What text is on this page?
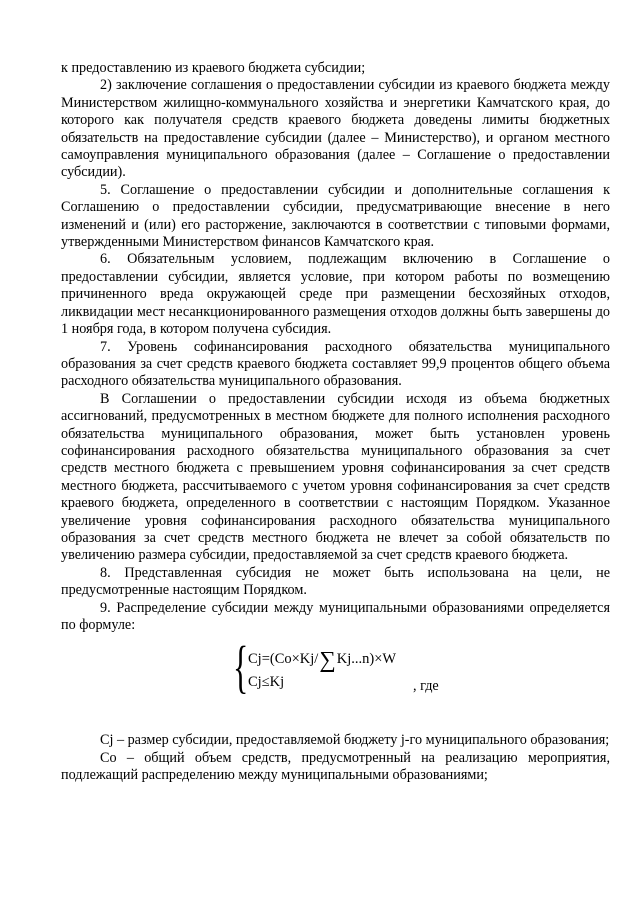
к предоставлению из краевого бюджета субсидии;

2) заключение соглашения о предоставлении субсидии из краевого бюджета между Министерством жилищно-коммунального хозяйства и энергетики Камчатского края, до которого как получателя средств краевого бюджета доведены лимиты бюджетных обязательств на предоставление субсидии (далее – Министерство), и органом местного самоуправления муниципального образования (далее – Соглашение о предоставлении субсидии).

5. Соглашение о предоставлении субсидии и дополнительные соглашения к Соглашению о предоставлении субсидии, предусматривающие внесение в него изменений и (или) его расторжение, заключаются в соответствии с типовыми формами, утвержденными Министерством финансов Камчатского края.

6. Обязательным условием, подлежащим включению в Соглашение о предоставлении субсидии, является условие, при котором работы по возмещению причиненного вреда окружающей среде при размещении бесхозяйных отходов, ликвидации мест несанкционированного размещения отходов должны быть завершены до 1 ноября года, в котором получена субсидия.

7. Уровень софинансирования расходного обязательства муниципального образования за счет средств краевого бюджета составляет 99,9 процентов общего объема расходного обязательства муниципального образования.

В Соглашении о предоставлении субсидии исходя из объема бюджетных ассигнований, предусмотренных в местном бюджете для полного исполнения расходного обязательства муниципального образования, может быть установлен уровень софинансирования расходного обязательства муниципального образования за счет средств местного бюджета с превышением уровня софинансирования за счет средств местного бюджета, рассчитываемого с учетом уровня софинансирования за счет средств краевого бюджета, определенного в соответствии с настоящим Порядком. Указанное увеличение уровня софинансирования расходного обязательства муниципального образования за счет средств местного бюджета не влечет за собой обязательств по увеличению размера субсидии, предоставляемой за счет средств краевого бюджета.

8. Представленная субсидия не может быть использована на цели, не предусмотренные настоящим Порядком.

9. Распределение субсидии между муниципальными образованиями определяется по формуле:

{ Cj=(Co×Kj/∑Kj...n)×W
Cj≤Kj	, где

Cj – размер субсидии, предоставляемой бюджету j-го муниципального образования;

Co – общий объем средств, предусмотренный на реализацию мероприятия, подлежащий распределению между муниципальными образованиями;
